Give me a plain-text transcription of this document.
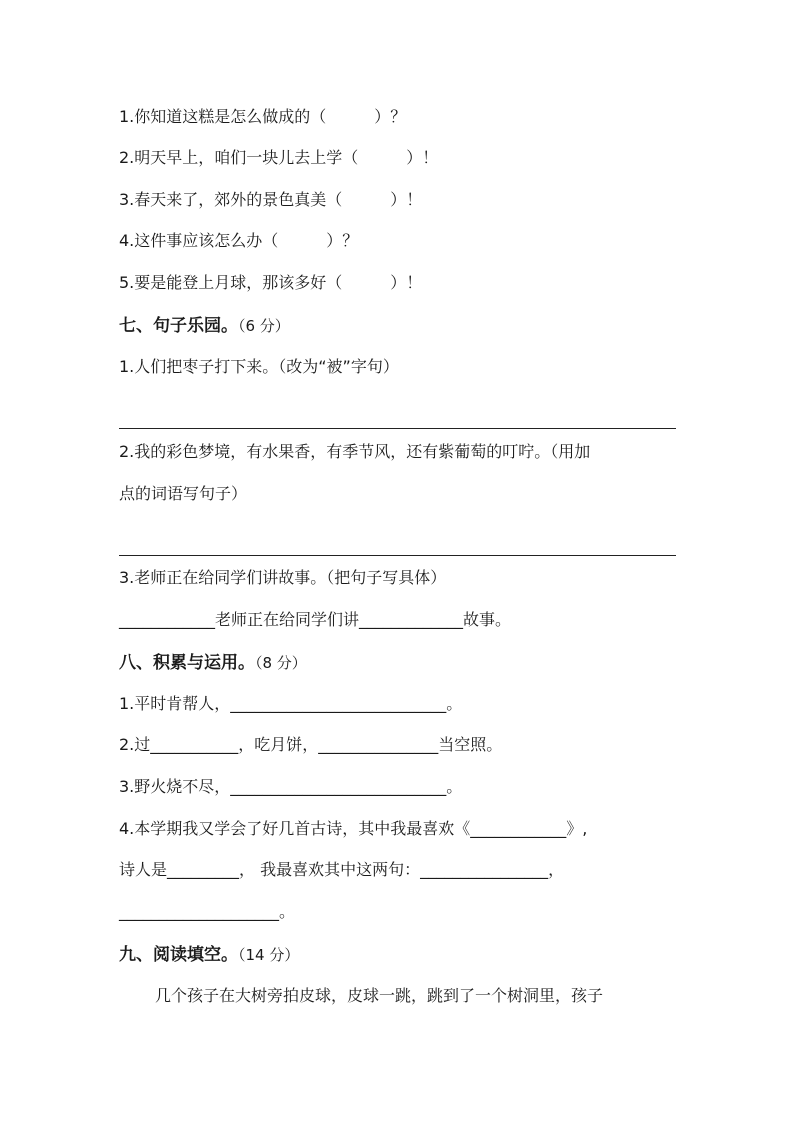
1.你知道这糕是怎么做成的（　　　）？
2.明天早上，咱们一块儿去上学（　　　）！
3.春天来了，郊外的景色真美（　　　）！
4.这件事应该怎么办（　　　）？
5.要是能登上月球，那该多好（　　　）！
七、句子乐园。（6 分）
1.人们把枣子打下来。（改为“被”字句）
2.我的彩色梦境，有水果香，有季节风，还有紫葡萄的叮咛。（用加
点的词语写句子）
3.老师正在给同学们讲故事。（把句子写具体）
____________老师正在给同学们讲_____________故事。
八、积累与运用。（8 分）
1.平时肯帮人，___________________________。
2.过___________，吃月饼，_______________当空照。
3.野火烧不尽，___________________________。
4.本学期我又学会了好几首古诗，其中我最喜欢《____________》,
诗人是_________， 我最喜欢其中这两句：________________，
____________________。
九、阅读填空。（14 分）
几个孩子在大树旁拍皮球，皮球一跳，跳到了一个树洞里，孩子
